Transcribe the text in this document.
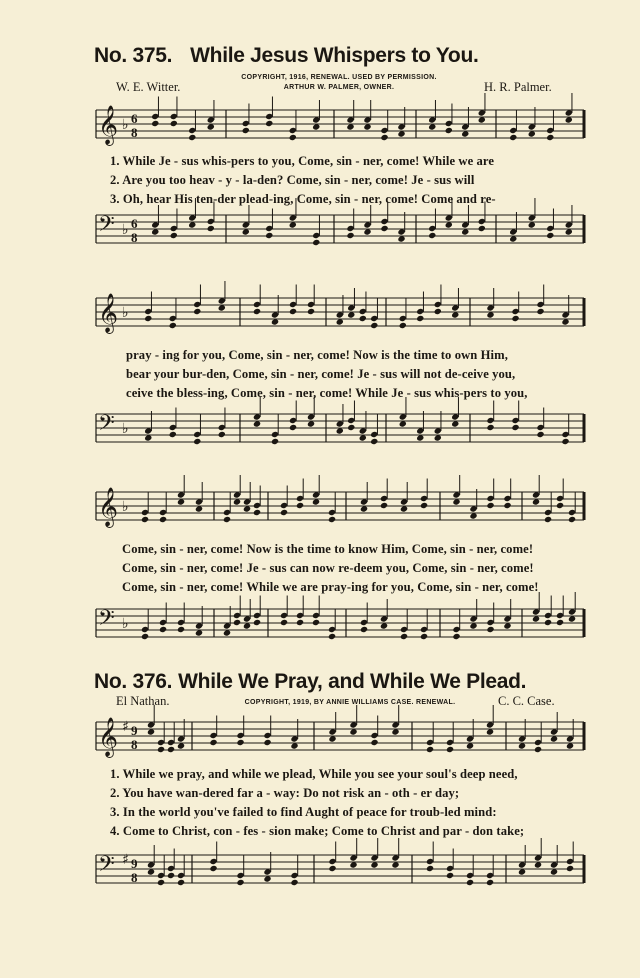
No. 375. While Jesus Whispers to You.
W. E. Witter.
COPYRIGHT, 1916, RENEWAL. USED BY PERMISSION.
ARTHUR W. PALMER, OWNER.	H. R. Palmer.
𝄞 ♭ 6
8
𝄢 ♭ 6
8
𝄞 ♭
𝄢 ♭
𝄞 ♭
𝄢 ♭
𝄞 ♯ 9
8
𝄢 ♯ 9
8
1. While Je - sus whis-pers to you, Come, sin - ner, come! While we are
2. Are you too heav - y - la-den? Come, sin - ner, come! Je - sus will
3. Oh, hear His ten-der plead-ing, Come, sin - ner, come! Come and re-
pray - ing for you, Come, sin - ner, come! Now is the time to own Him,
bear your bur-den, Come, sin - ner, come! Je - sus will not de-ceive you,
ceive the bless-ing, Come, sin - ner, come! While Je - sus whis-pers to you,
Come, sin - ner, come! Now is the time to know Him, Come, sin - ner, come!
Come, sin - ner, come! Je - sus can now re-deem you, Come, sin - ner, come!
Come, sin - ner, come! While we are pray-ing for you, Come, sin - ner, come!
No. 376. While We Pray, and While We Plead.
El Nathan.	COPYRIGHT, 1919, BY ANNIE WILLIAMS CASE. RENEWAL.	C. C. Case.
1. While we pray, and while we plead, While you see your soul's deep need,
2. You have wan-dered far a - way: Do not risk an - oth - er day;
3. In the world you've failed to find Aught of peace for troub-led mind:
4. Come to Christ, con - fes - sion make; Come to Christ and par - don take;
